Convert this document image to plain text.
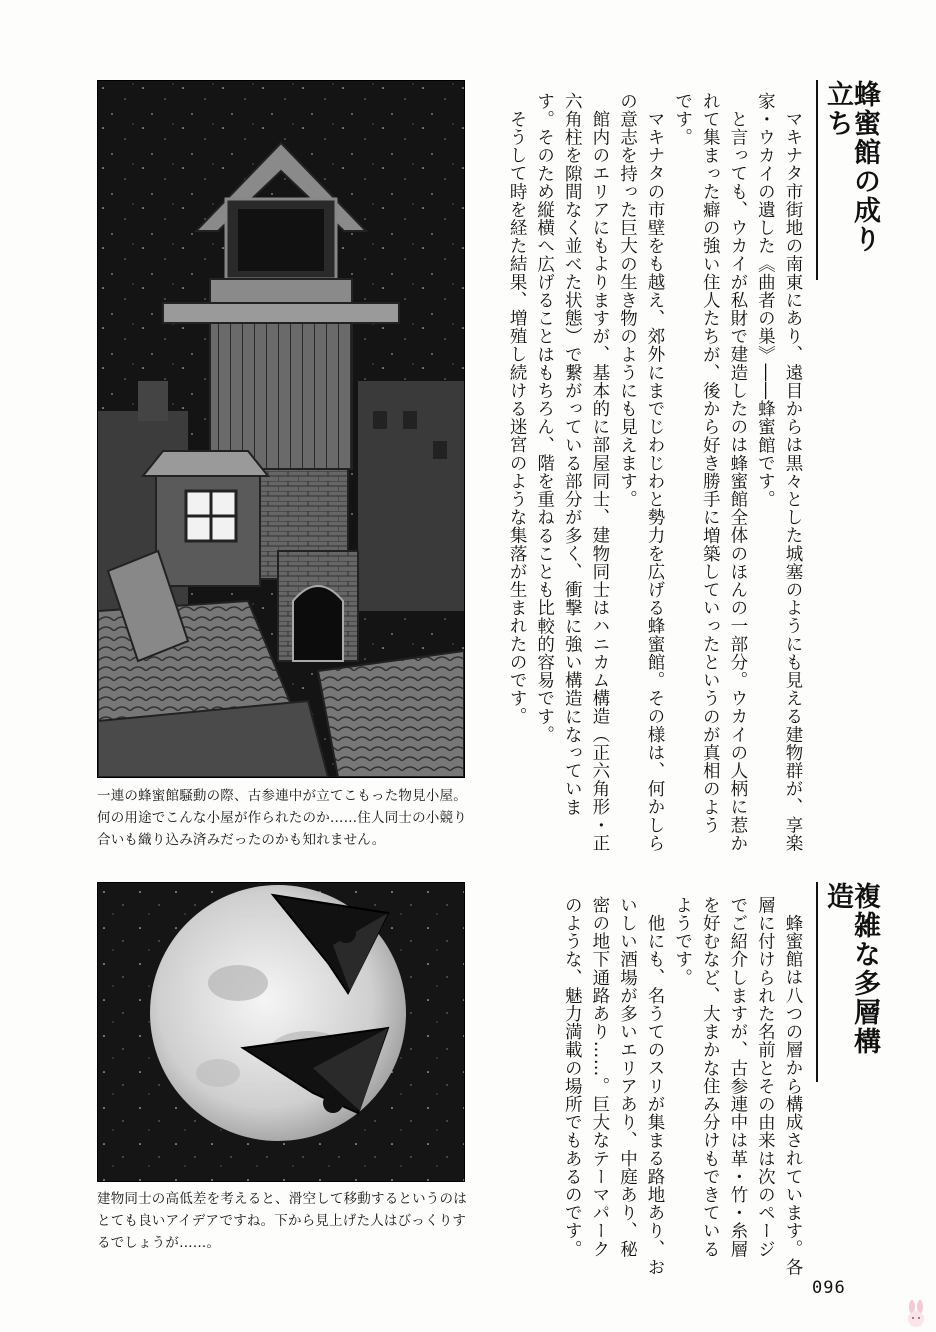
蜂蜜館の成り立ち

マキナタ市街地の南東にあり、遠目からは黒々とした城塞のようにも見える建物群が、享楽家・ウカイの遺した《曲者の巣》――蜂蜜館です。

と言っても、ウカイが私財で建造したのは蜂蜜館全体のほんの一部分。ウカイの人柄に惹かれて集まった癖の強い住人たちが、後から好き勝手に増築していったというのが真相のようです。

マキナタの市壁をも越え、郊外にまでじわじわと勢力を広げる蜂蜜館。その様は、何かしらの意志を持った巨大の生き物のようにも見えます。

館内のエリアにもよりますが、基本的に部屋同士、建物同士はハニカム構造（正六角形・正六角柱を隙間なく並べた状態）で繋がっている部分が多く、衝撃に強い構造になっています。そのため縦横へ広げることはもちろん、階を重ねることも比較的容易です。

そうして時を経た結果、増殖し続ける迷宮のような集落が生まれたのです。

複雑な多層構造

蜂蜜館は八つの層から構成されています。各層に付けられた名前とその由来は次のページでご紹介しますが、古参連中は革・竹・糸層を好むなど、大まかな住み分けもできているようです。

他にも、名うてのスリが集まる路地あり、おいしい酒場が多いエリアあり、中庭あり、秘密の地下通路あり……。巨大なテーマパークのような、魅力満載の場所でもあるのです。

一連の蜂蜜館騒動の際、古参連中が立てこもった物見小屋。何の用途でこんな小屋が作られたのか……住人同士の小競り合いも織り込み済みだったのかも知れません。
建物同士の高低差を考えると、滑空して移動するというのはとても良いアイデアですね。下から見上げた人はびっくりするでしょうが……。
096
